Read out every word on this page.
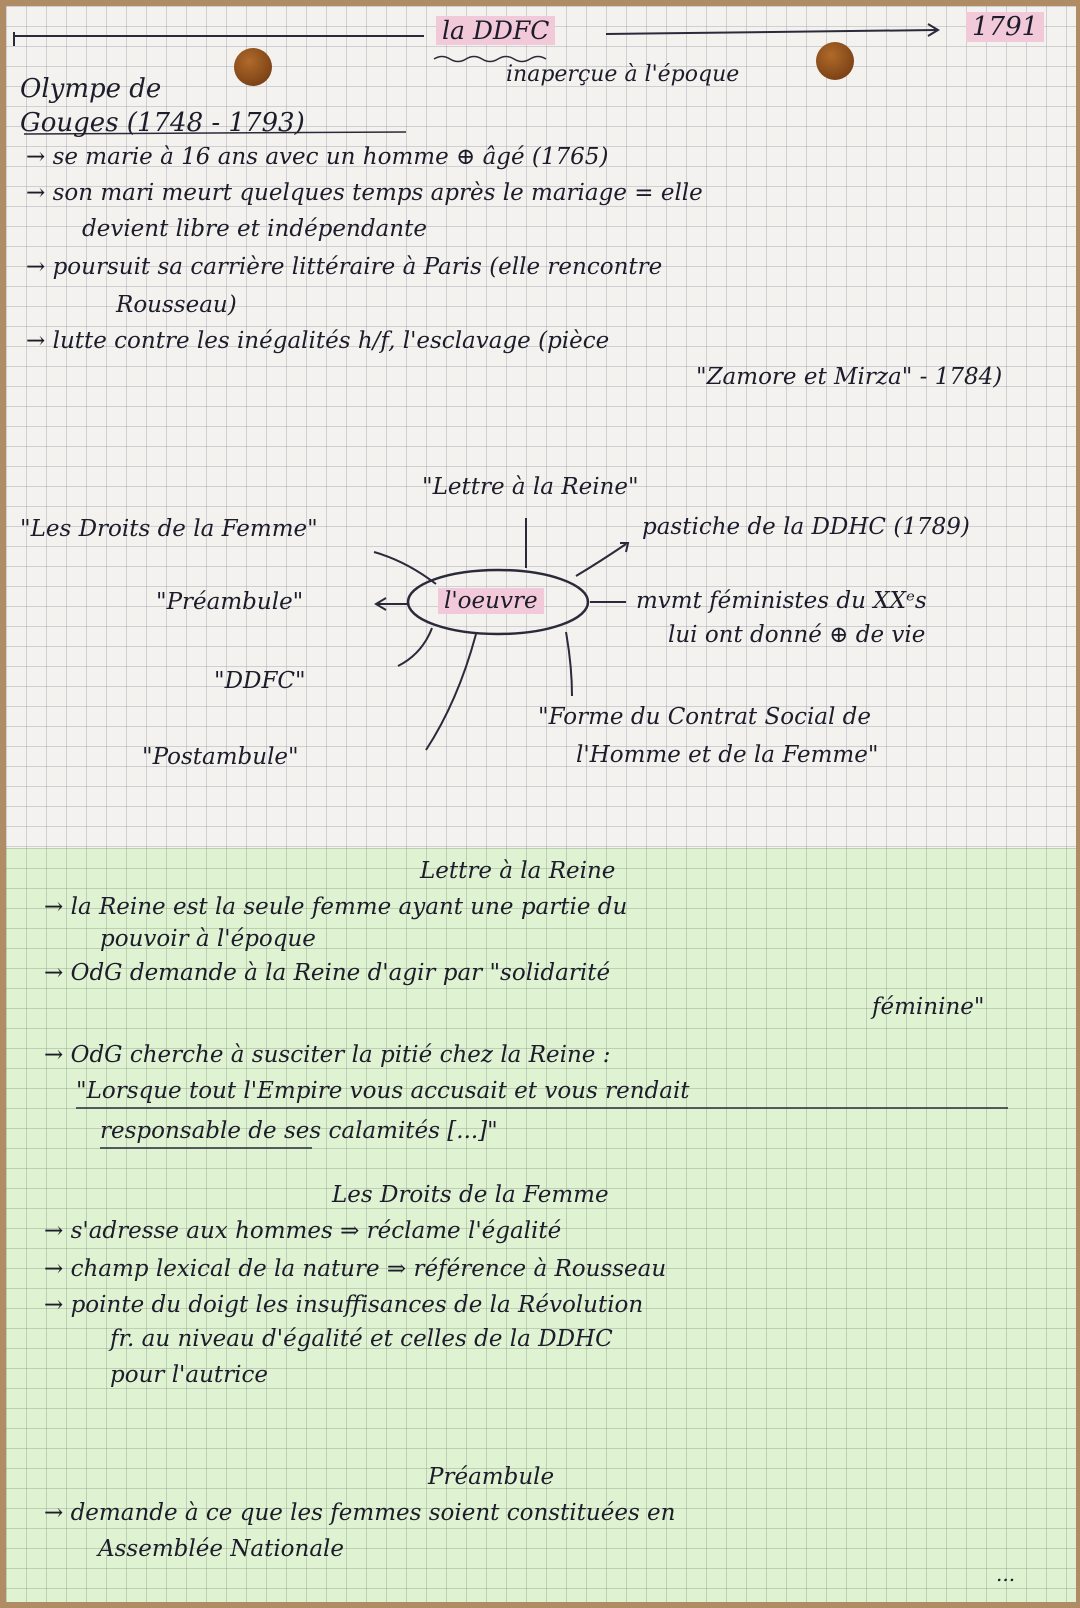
la DDFC	1791
inaperçue à l'époque
Olympe de
Gouges (1748 - 1793)
→ se marie à 16 ans avec un homme ⊕ âgé (1765)
→ son mari meurt quelques temps après le mariage = elle
devient libre et indépendante
→ poursuit sa carrière littéraire à Paris (elle rencontre
Rousseau)
→ lutte contre les inégalités h/f, l'esclavage (pièce
"Zamore et Mirza" - 1784)
"Lettre à la Reine"
"Les Droits de la Femme"	pastiche de la DDHC (1789)
"Préambule"	l'oeuvre	mvmt féministes du XXᵉs
lui ont donné ⊕ de vie
"DDFC"
"Forme du Contrat Social de
l'Homme et de la Femme"
"Postambule"
Lettre à la Reine
→ la Reine est la seule femme ayant une partie du
pouvoir à l'époque
→ OdG demande à la Reine d'agir par "solidarité
féminine"
→ OdG cherche à susciter la pitié chez la Reine :
"Lorsque tout l'Empire vous accusait et vous rendait
responsable de ses calamités [...]"
Les Droits de la Femme
→ s'adresse aux hommes ⇒ réclame l'égalité
→ champ lexical de la nature ⇒ référence à Rousseau
→ pointe du doigt les insuffisances de la Révolution
fr. au niveau d'égalité et celles de la DDHC
pour l'autrice
Préambule
→ demande à ce que les femmes soient constituées en
Assemblée Nationale
...
